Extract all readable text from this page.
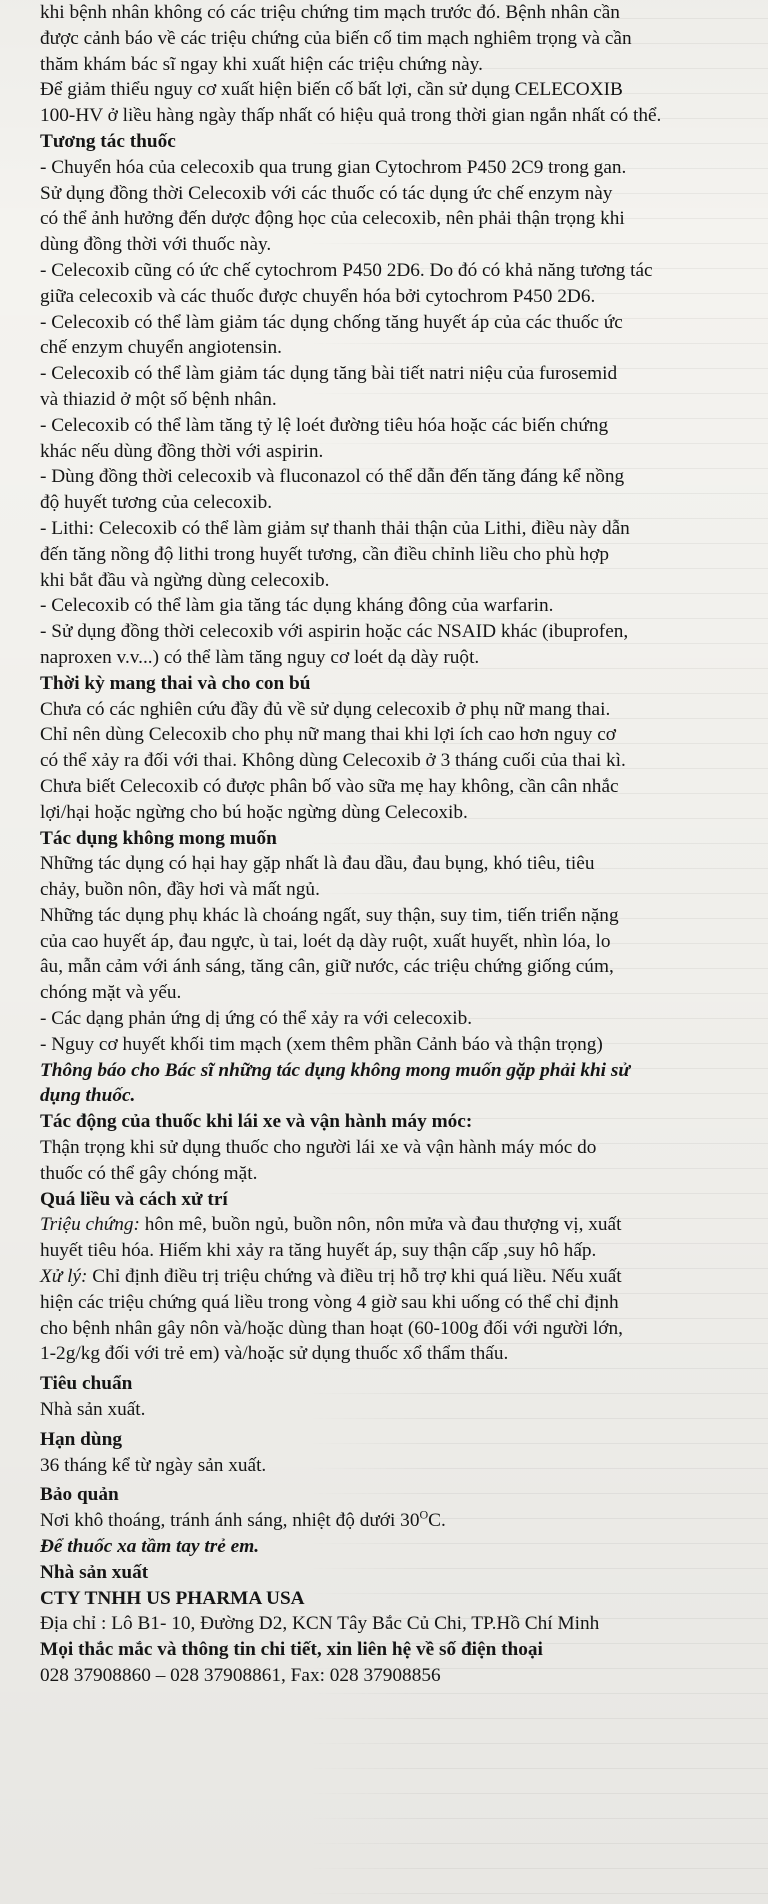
khi bệnh nhân không có các triệu chứng tim mạch trước đó. Bệnh nhân cần

được cảnh báo về các triệu chứng của biến cố tim mạch nghiêm trọng và cần

thăm khám bác sĩ ngay khi xuất hiện các triệu chứng này.

Để giảm thiểu nguy cơ xuất hiện biến cố bất lợi, cần sử dụng CELECOXIB

100-HV ở liều hàng ngày thấp nhất có hiệu quả trong thời gian ngắn nhất có thể.

Tương tác thuốc

- Chuyển hóa của celecoxib qua trung gian Cytochrom P450 2C9 trong gan.

Sử dụng đồng thời Celecoxib với các thuốc có tác dụng ức chế enzym này

có thể ảnh hưởng đến dược động học của celecoxib, nên phải thận trọng khi

dùng đồng thời với thuốc này.

- Celecoxib cũng có ức chế cytochrom P450 2D6. Do đó có khả năng tương tác

giữa celecoxib và các thuốc được chuyển hóa bởi cytochrom P450 2D6.

- Celecoxib có thể làm giảm tác dụng chống tăng huyết áp của các thuốc ức

chế enzym chuyển angiotensin.

- Celecoxib có thể làm giảm tác dụng tăng bài tiết natri niệu của furosemid

và thiazid ở một số bệnh nhân.

- Celecoxib có thể làm tăng tỷ lệ loét đường tiêu hóa hoặc các biến chứng

khác nếu dùng đồng thời với aspirin.

- Dùng đồng thời celecoxib và fluconazol có thể dẫn đến tăng đáng kể nồng

độ huyết tương của celecoxib.

- Lithi: Celecoxib có thể làm giảm sự thanh thải thận của Lithi, điều này dẫn

đến tăng nồng độ lithi trong huyết tương, cần điều chỉnh liều cho phù hợp

khi bắt đầu và ngừng dùng celecoxib.

- Celecoxib có thể làm gia tăng tác dụng kháng đông của warfarin.

- Sử dụng đồng thời celecoxib với aspirin hoặc các NSAID khác (ibuprofen,

naproxen v.v...) có thể làm tăng nguy cơ loét dạ dày ruột.

Thời kỳ mang thai và cho con bú

Chưa có các nghiên cứu đầy đủ về sử dụng celecoxib ở phụ nữ mang thai.

Chỉ nên dùng Celecoxib cho phụ nữ mang thai khi lợi ích cao hơn nguy cơ

có thể xảy ra đối với thai. Không dùng Celecoxib ở 3 tháng cuối của thai kì.

Chưa biết Celecoxib có được phân bố vào sữa mẹ hay không, cần cân nhắc

lợi/hại hoặc ngừng cho bú hoặc ngừng dùng Celecoxib.

Tác dụng không mong muốn

Những tác dụng có hại hay gặp nhất là đau dầu, đau bụng, khó tiêu, tiêu

chảy, buồn nôn, đầy hơi và mất ngủ.

Những tác dụng phụ khác là choáng ngất, suy thận, suy tim, tiến triển nặng

của cao huyết áp, đau ngực, ù tai, loét dạ dày ruột, xuất huyết, nhìn lóa, lo

âu, mẫn cảm với ánh sáng, tăng cân, giữ nước, các triệu chứng giống cúm,

chóng mặt và yếu.

- Các dạng phản ứng dị ứng có thể xảy ra với celecoxib.

- Nguy cơ huyết khối tim mạch (xem thêm phần Cảnh báo và thận trọng)

Thông báo cho Bác sĩ những tác dụng không mong muốn gặp phải khi sử

dụng thuốc.

Tác động của thuốc khi lái xe và vận hành máy móc:

Thận trọng khi sử dụng thuốc cho người lái xe và vận hành máy móc do

thuốc có thể gây chóng mặt.

Quá liều và cách xử trí

Triệu chứng: hôn mê, buồn ngủ, buồn nôn, nôn mửa và đau thượng vị, xuất

huyết tiêu hóa. Hiếm khi xảy ra tăng huyết áp, suy thận cấp ,suy hô hấp.

Xử lý: Chỉ định điều trị triệu chứng và điều trị hỗ trợ khi quá liều. Nếu xuất

hiện các triệu chứng quá liều trong vòng 4 giờ sau khi uống có thể chỉ định

cho bệnh nhân gây nôn và/hoặc dùng than hoạt (60-100g đối với người lớn,

1-2g/kg đối với trẻ em) và/hoặc sử dụng thuốc xổ thẩm thấu.

Tiêu chuẩn

Nhà sản xuất.

Hạn dùng

36 tháng kể từ ngày sản xuất.

Bảo quản

Nơi khô thoáng, tránh ánh sáng, nhiệt độ dưới $30^OC$.

Để thuốc xa tầm tay trẻ em.

Nhà sản xuất

CTY TNHH US PHARMA USA

Địa chỉ : Lô B1- 10, Đường D2, KCN Tây Bắc Củ Chi, TP.Hồ Chí Minh

Mọi thắc mắc và thông tin chi tiết, xin liên hệ về số điện thoại

028 37908860 – 028 37908861, Fax: 028 37908856
